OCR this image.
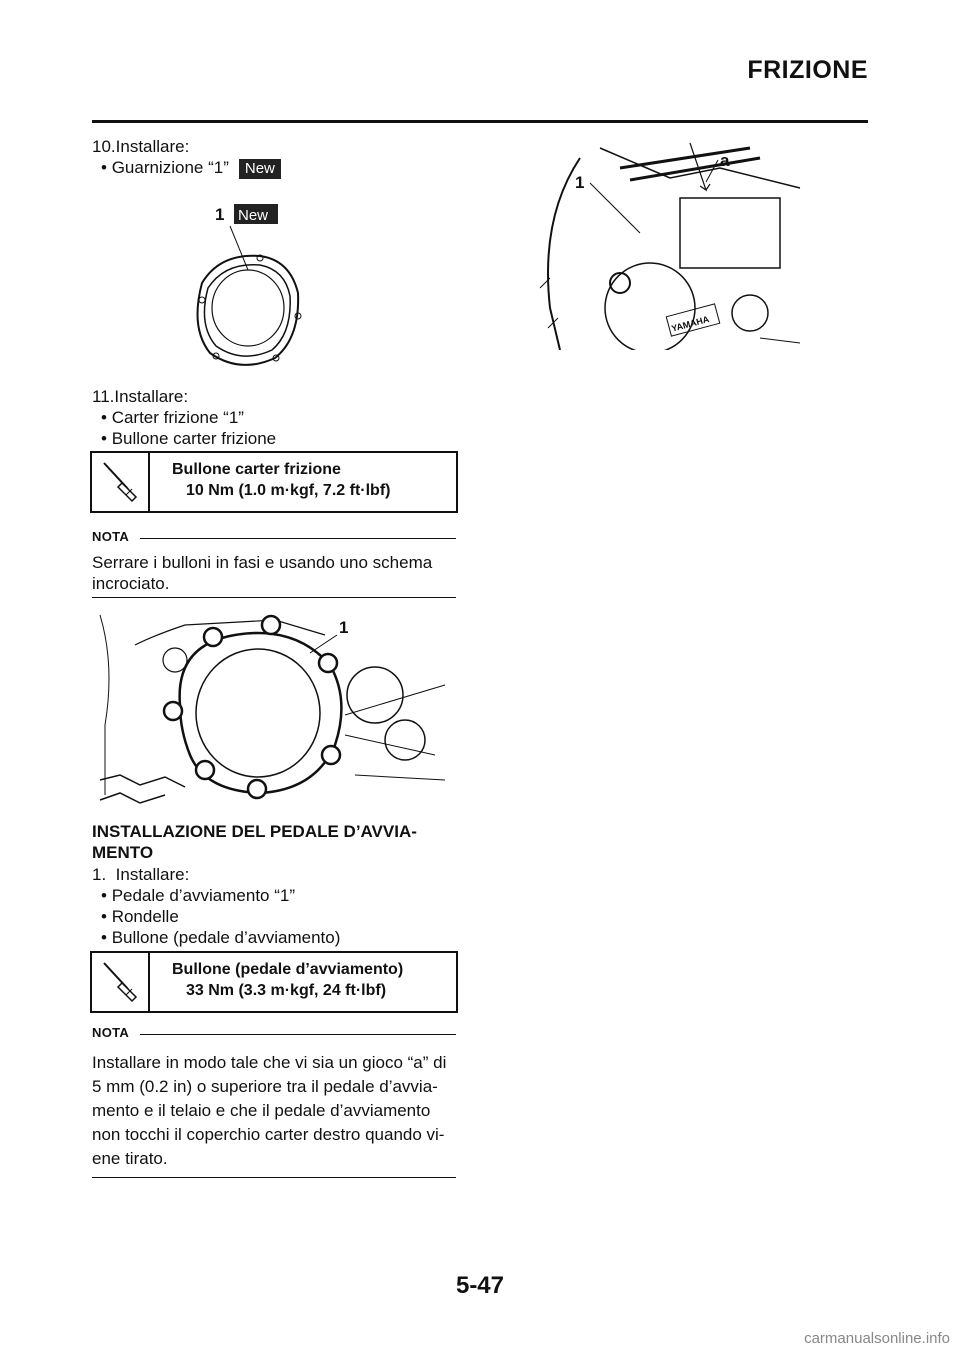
FRIZIONE
10.Installare:
• Guarnizione “1” New
1 New
YAMAHA
1
a
11.Installare:
• Carter frizione “1”
• Bullone carter frizione
Bullone carter frizione
10 Nm (1.0 m·kgf, 7.2 ft·lbf)
NOTA
Serrare i bulloni in fasi e usando uno schema
incrociato.
1
INSTALLAZIONE DEL PEDALE D’AVVIA-
MENTO
1. Installare:
• Pedale d’avviamento “1”
• Rondelle
• Bullone (pedale d’avviamento)
Bullone (pedale d’avviamento)
33 Nm (3.3 m·kgf, 24 ft·lbf)
NOTA
Installare in modo tale che vi sia un gioco “a” di
5 mm (0.2 in) o superiore tra il pedale d’avvia-
mento e il telaio e che il pedale d’avviamento
non tocchi il coperchio carter destro quando vi-
ene tirato.
5-47
carmanualsonline.info
